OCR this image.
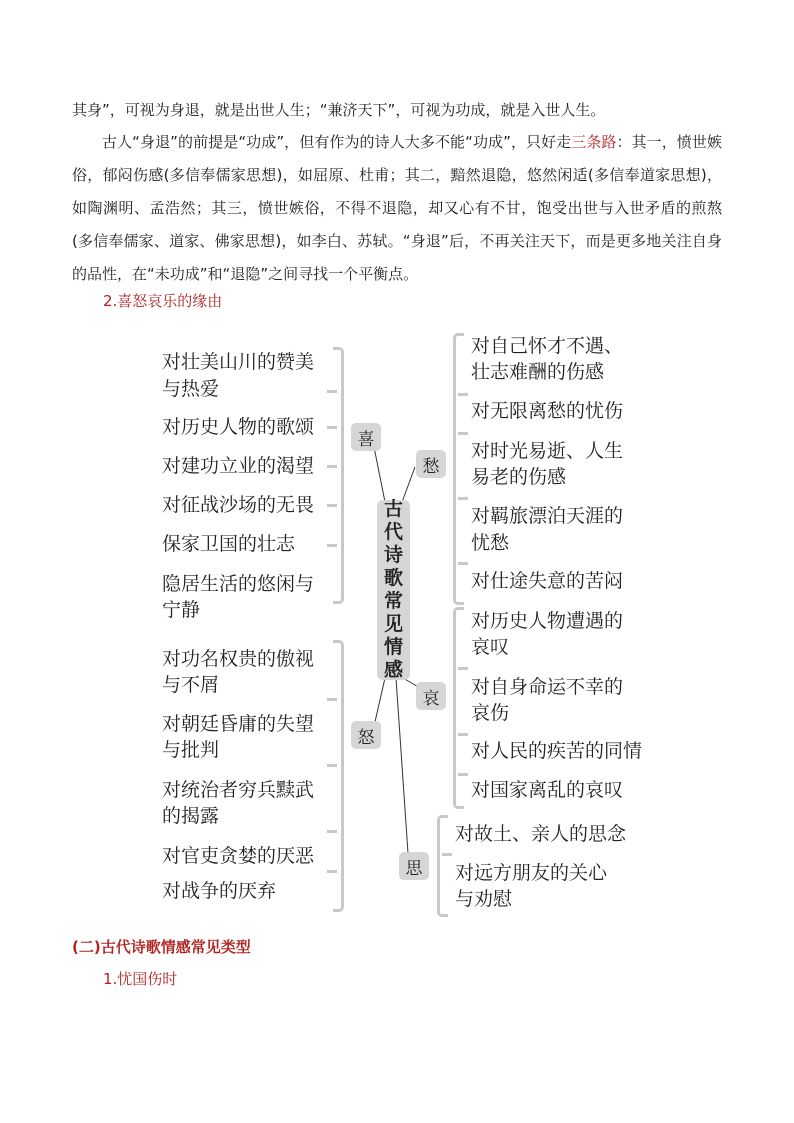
其身”，可视为身退，就是出世人生；“兼济天下”，可视为功成，就是入世人生。
古人“身退”的前提是“功成”，但有作为的诗人大多不能“功成”，只好走三条路：其一，愤世嫉俗，郁闷伤感(多信奉儒家思想)，如屈原、杜甫；其二，黯然退隐，悠然闲适(多信奉道家思想)，如陶渊明、孟浩然；其三，愤世嫉俗，不得不退隐，却又心有不甘，饱受出世与入世矛盾的煎熬(多信奉儒家、道家、佛家思想)，如李白、苏轼。“身退”后，不再关注天下，而是更多地关注自身的品性，在“未功成”和“退隐”之间寻找一个平衡点。
2.喜怒哀乐的缘由
古
代
诗
歌
常
见
情
感
喜
怒
愁
哀
思
对壮美山川的赞美
与热爱
对历史人物的歌颂
对建功立业的渴望
对征战沙场的无畏
保家卫国的壮志
隐居生活的悠闲与
宁静
对功名权贵的傲视
与不屑
对朝廷昏庸的失望
与批判
对统治者穷兵黩武
的揭露
对官吏贪婪的厌恶
对战争的厌弃
对自己怀才不遇、
壮志难酬的伤感
对无限离愁的忧伤
对时光易逝、人生
易老的伤感
对羁旅漂泊天涯的
忧愁
对仕途失意的苦闷
对历史人物遭遇的
哀叹
对自身命运不幸的
哀伤
对人民的疾苦的同情
对国家离乱的哀叹
对故土、亲人的思念
对远方朋友的关心
与劝慰
(二)古代诗歌情感常见类型
1.忧国伤时
